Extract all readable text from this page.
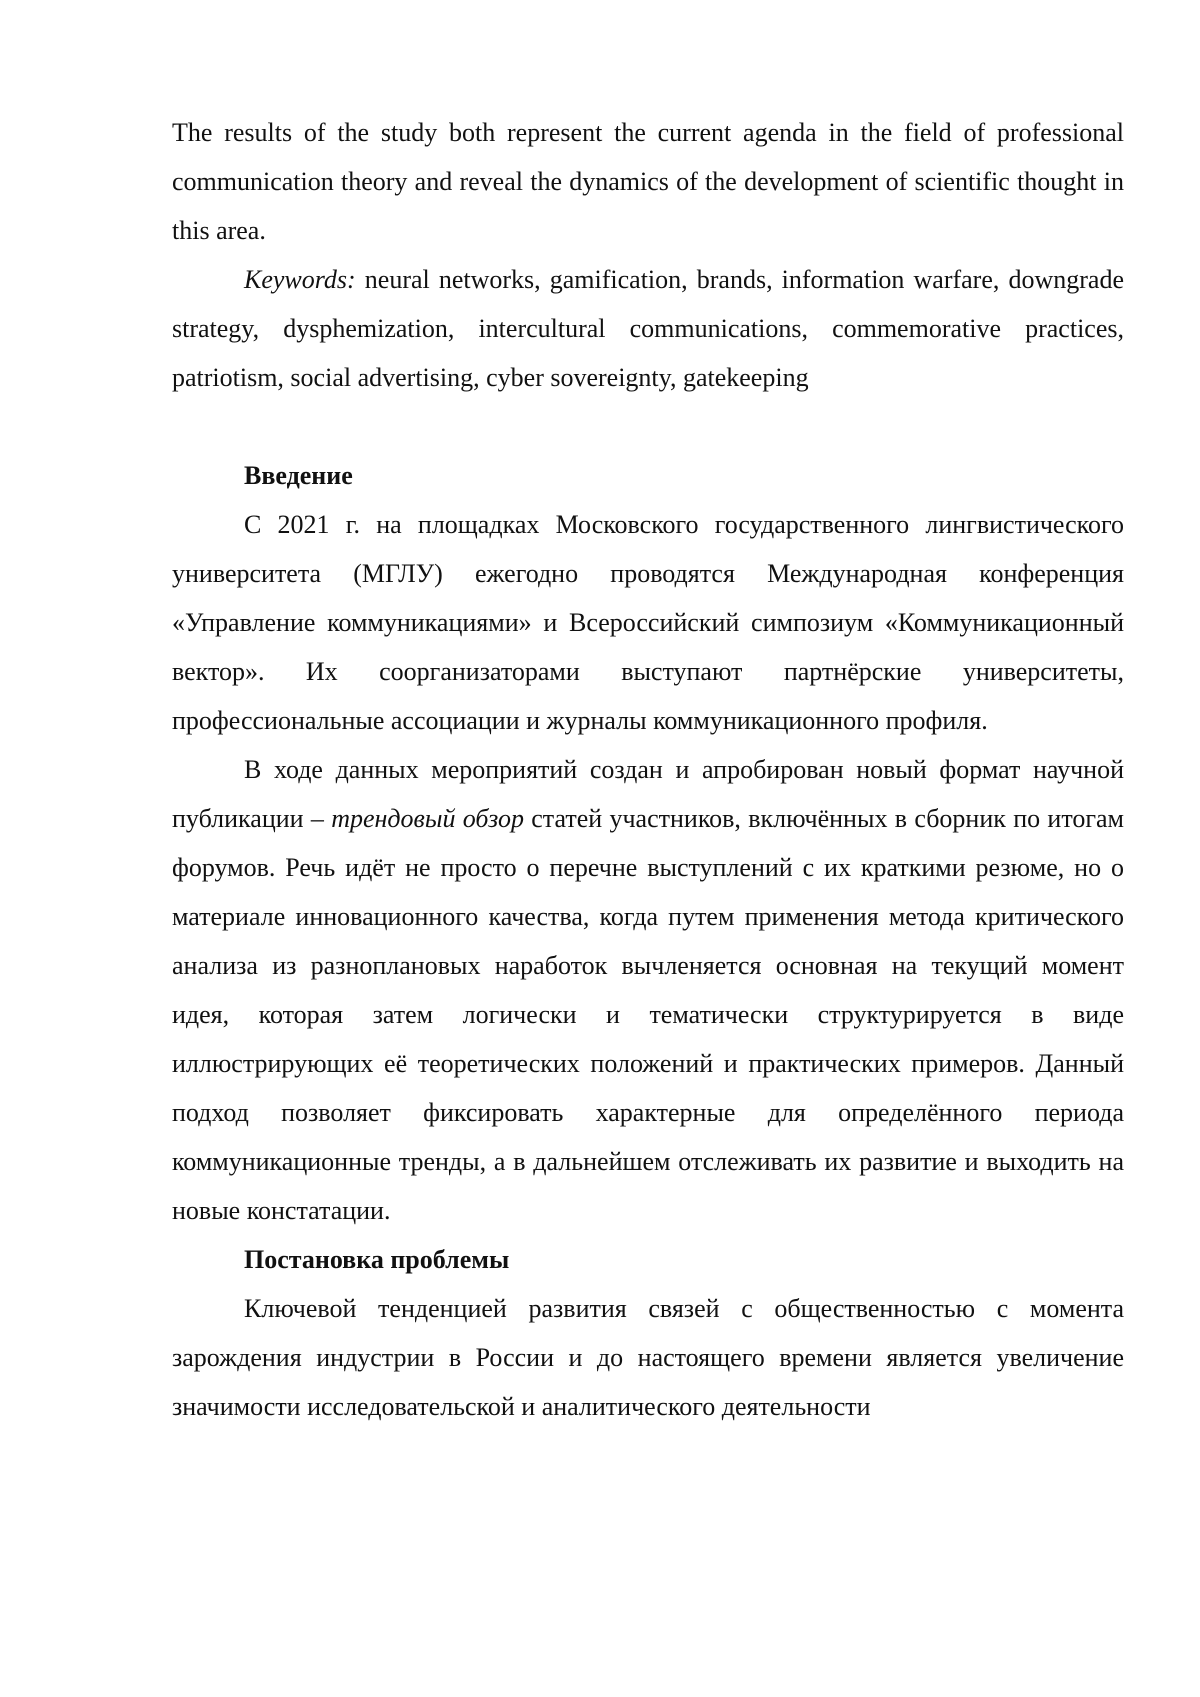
The results of the study both represent the current agenda in the field of professional communication theory and reveal the dynamics of the development of scientific thought in this area.

Keywords: neural networks, gamification, brands, information warfare, downgrade strategy, dysphemization, intercultural communications, commemorative practices, patriotism, social advertising, cyber sovereignty, gatekeeping

Введение

С 2021 г. на площадках Московского государственного лингвистического университета (МГЛУ) ежегодно проводятся Международная конференция «Управление коммуникациями» и Всероссийский симпозиум «Коммуникационный вектор». Их соорганизаторами выступают партнёрские университеты, профессиональные ассоциации и журналы коммуникационного профиля.

В ходе данных мероприятий создан и апробирован новый формат научной публикации – трендовый обзор статей участников, включённых в сборник по итогам форумов. Речь идёт не просто о перечне выступлений с их краткими резюме, но о материале инновационного качества, когда путем применения метода критического анализа из разноплановых наработок вычленяется основная на текущий момент идея, которая затем логически и тематически структурируется в виде иллюстрирующих её теоретических положений и практических примеров. Данный подход позволяет фиксировать характерные для определённого периода коммуникационные тренды, а в дальнейшем отслеживать их развитие и выходить на новые констатации.

Постановка проблемы

Ключевой тенденцией развития связей с общественностью с момента зарождения индустрии в России и до настоящего времени является увеличение значимости исследовательской и аналитического деятельности
